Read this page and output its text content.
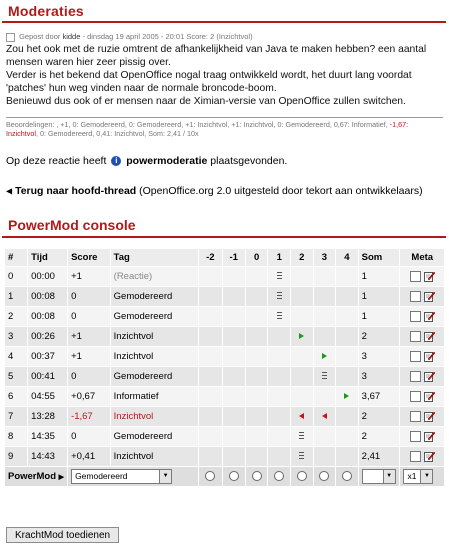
Moderaties
Gepost door kidde - dinsdag 19 april 2005 - 20:01 Score: 2 (Inzichtvol)
Zou het ook met de ruzie omtrent de afhankelijkheid van Java te maken hebben? een aantal mensen waren hier zeer pissig over.
Verder is het bekend dat OpenOffice nogal traag ontwikkeld wordt, het duurt lang voordat 'patches' hun weg vinden naar de normale broncode-boom.
Benieuwd dus ook of er mensen naar de Ximian-versie van OpenOffice zullen switchen.
Beoordelingen: , +1, 0: Gemodereerd, 0: Gemodereerd, +1: Inzichtvol, +1: Inzichtvol, 0: Gemodereerd, 0,67: Informatief, -1,67:
Inzichtvol, 0: Gemodereerd, 0,41: Inzichtvol, Som: 2,41 / 10x
Op deze reactie heeft i powermoderatie plaatsgevonden.
◀ Terug naar hoofd-thread (OpenOffice.org 2.0 uitgesteld door tekort aan ontwikkelaars)
PowerMod console
#	Tijd	Score	Tag	-2	-1	0	1	2	3	4	Som	Meta
0	00:00	+1	(Reactie)								1	
1	00:08	0	Gemodereerd								1	
2	00:08	0	Gemodereerd								1	
3	00:26	+1	Inzichtvol								2	
4	00:37	+1	Inzichtvol								3	
5	00:41	0	Gemodereerd								3	
6	04:55	+0,67	Informatief								3,67	
7	13:28	-1,67	Inzichtvol								2	
8	14:35	0	Gemodereerd								2	
9	14:43	+0,41	Inzichtvol								2,41	
PowerMod ▶		Gemodereerd ▼									▼	x1 ▼
KrachtMod toedienen
